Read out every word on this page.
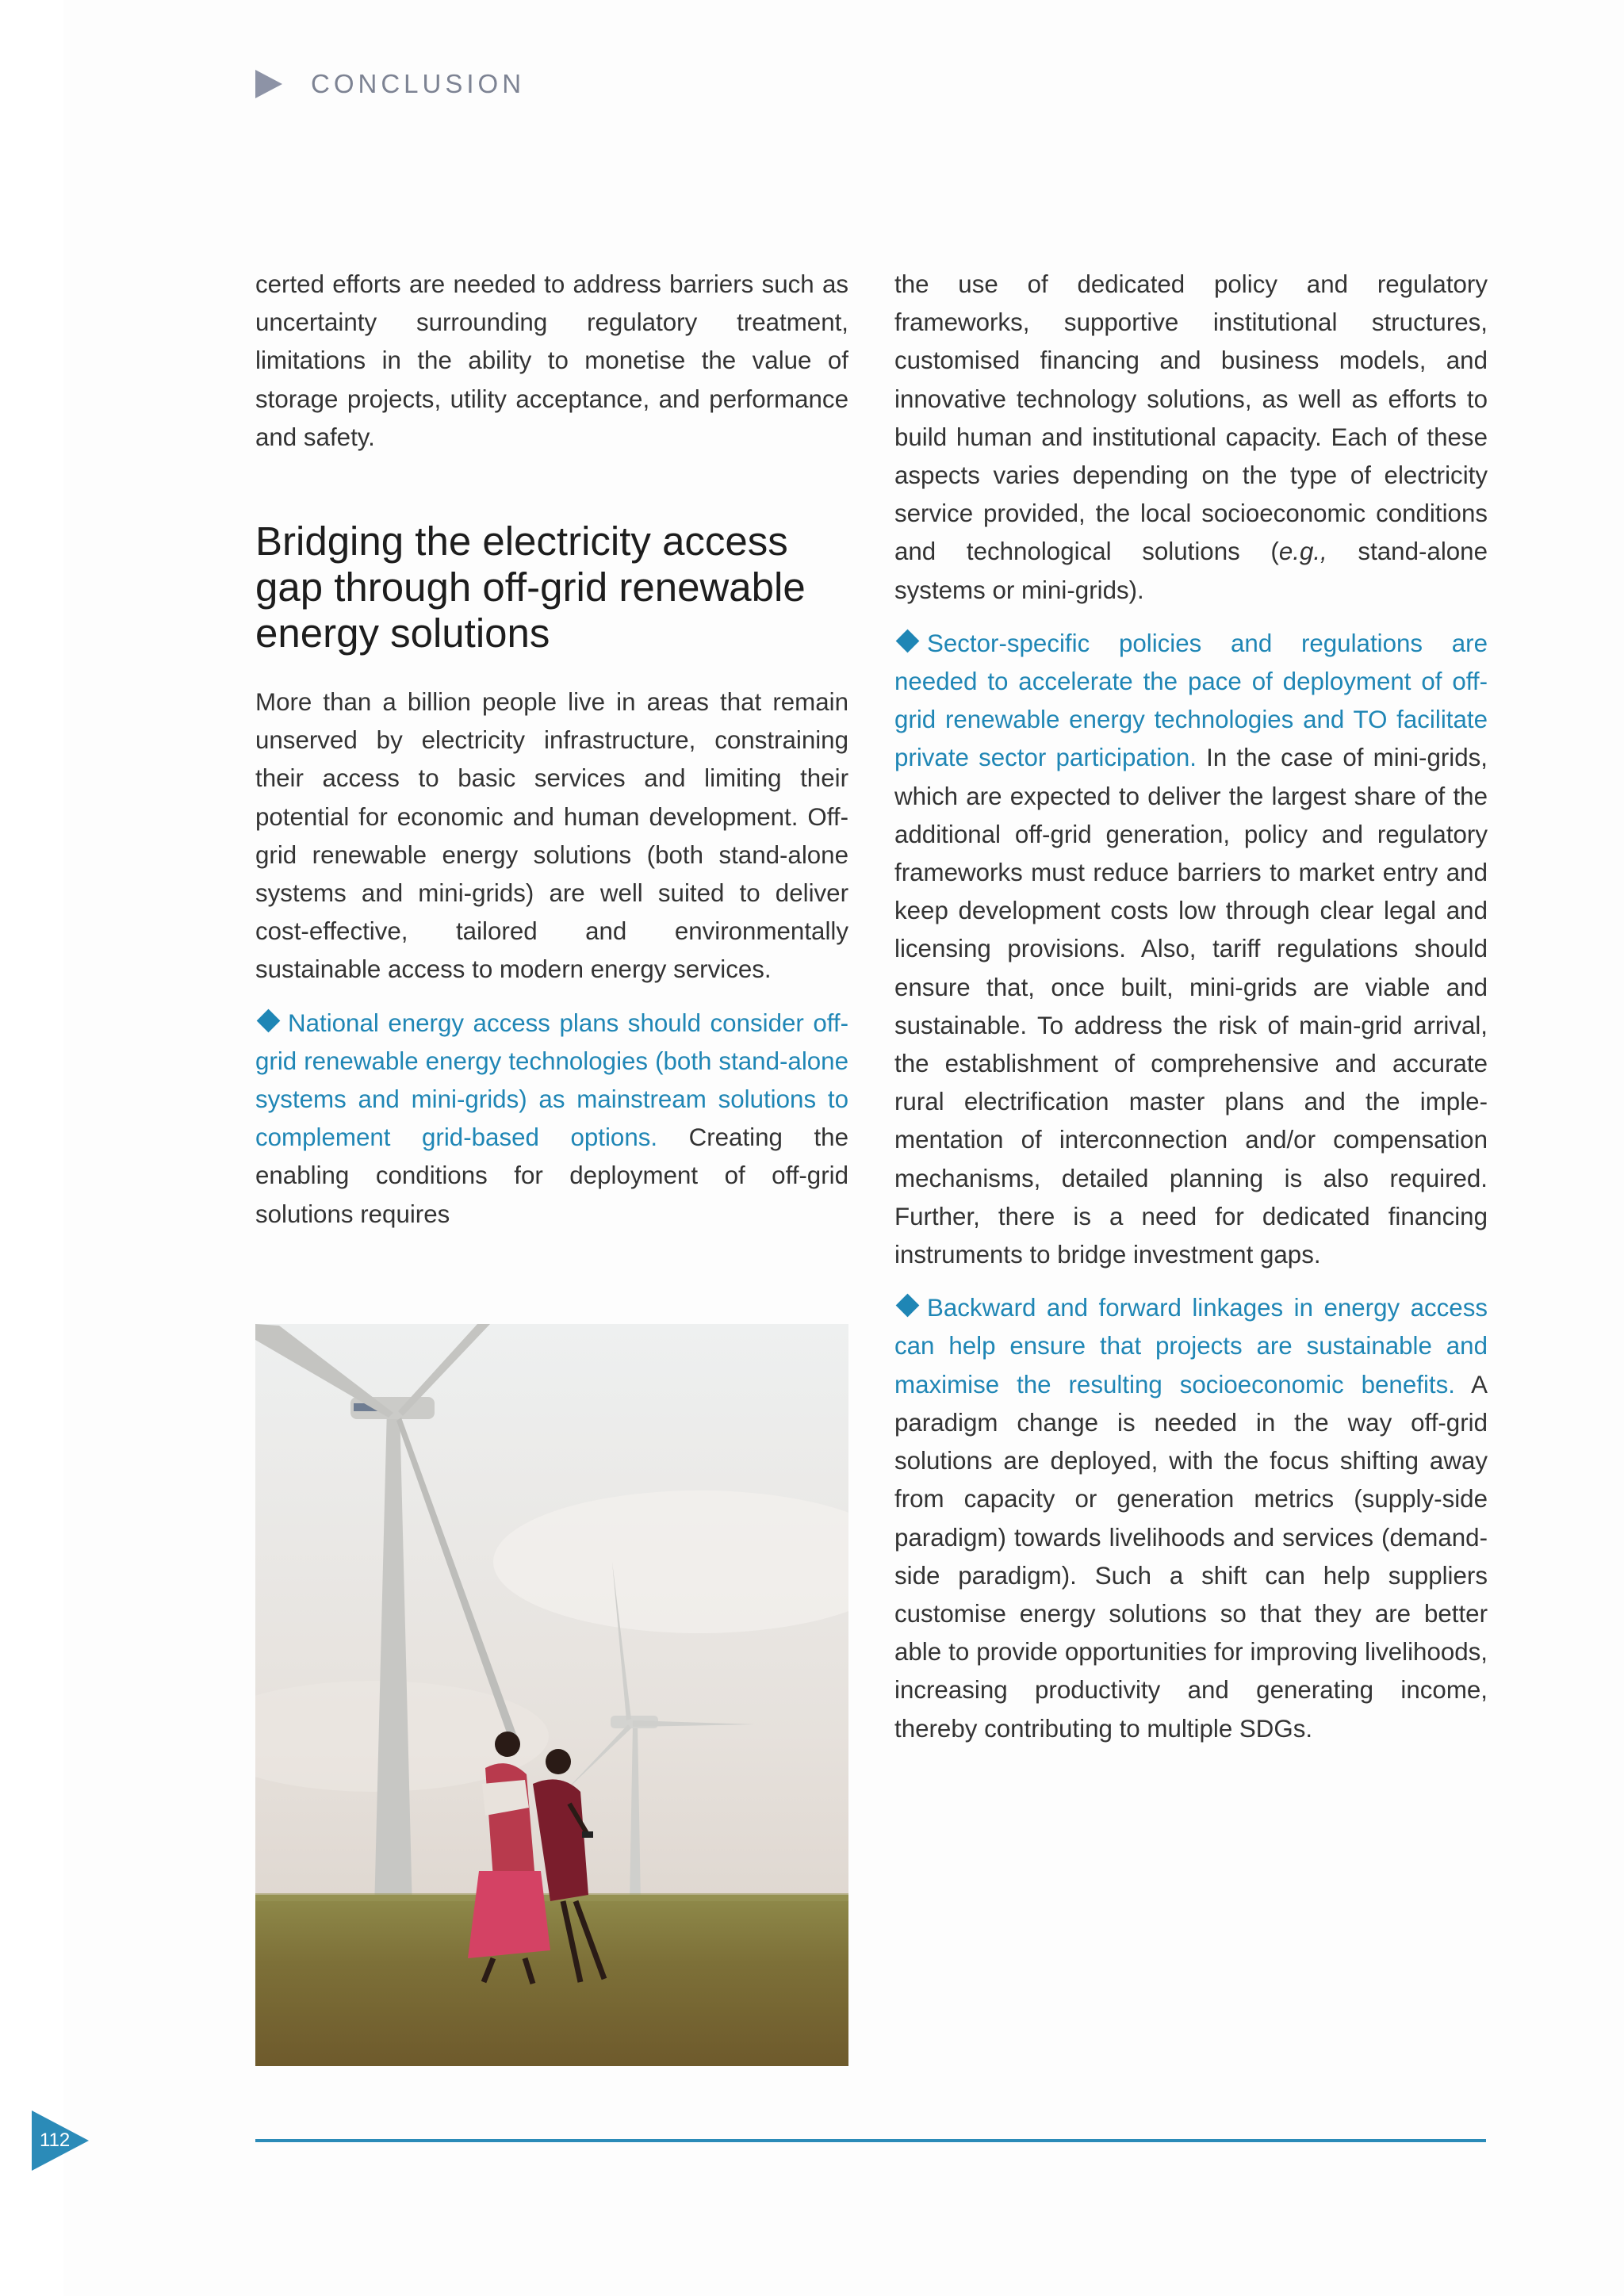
CONCLUSION

certed efforts are needed to address barriers such as uncertainty surrounding regulatory treatment, limitations in the ability to monetise the value of storage projects, utility acceptance, and performance and safety.

Bridging the electricity access gap through off-grid renewable energy solutions

More than a billion people live in areas that remain unserved by electricity infrastructure, constraining their access to basic services and limiting their potential for economic and human development. Off-grid renewable energy solutions (both stand-alone systems and mini-grids) are well suited to deliver cost-effective, tailored and environmentally sustainable access to modern energy services.

National energy access plans should consider off-grid renewable energy technologies (both stand-alone systems and mini-grids) as mainstream solutions to complement grid-based options. Creating the enabling conditions for deployment of off-grid solutions requires

the use of dedicated policy and regulatory frameworks, supportive institutional structures, customised financing and business models, and innovative technology solutions, as well as efforts to build human and institutional capacity. Each of these aspects varies depending on the type of electricity service provided, the local socioeconomic conditions and technological solutions (e.g., stand-alone systems or mini-grids).

Sector-specific policies and regulations are needed to accelerate the pace of deployment of off-grid renewable energy technologies and TO facilitate private sector participation. In the case of mini-grids, which are expected to deliver the largest share of the additional off-grid generation, policy and regulatory frameworks must reduce barriers to market entry and keep development costs low through clear legal and licensing provisions. Also, tariff regulations should ensure that, once built, mini-grids are viable and sustainable. To address the risk of main-grid arrival, the establishment of comprehensive and accurate rural electrification master plans and the implementation of interconnection and/or compensation mechanisms, detailed planning is also required. Further, there is a need for dedicated financing instruments to bridge investment gaps.

Backward and forward linkages in energy access can help ensure that projects are sustainable and maximise the resulting socioeconomic benefits. A paradigm change is needed in the way off-grid solutions are deployed, with the focus shifting away from capacity or generation metrics (supply-side paradigm) towards livelihoods and services (demand-side paradigm). Such a shift can help suppliers customise energy solutions so that they are better able to provide opportunities for improving livelihoods, increasing productivity and generating income, thereby contributing to multiple SDGs.

112
